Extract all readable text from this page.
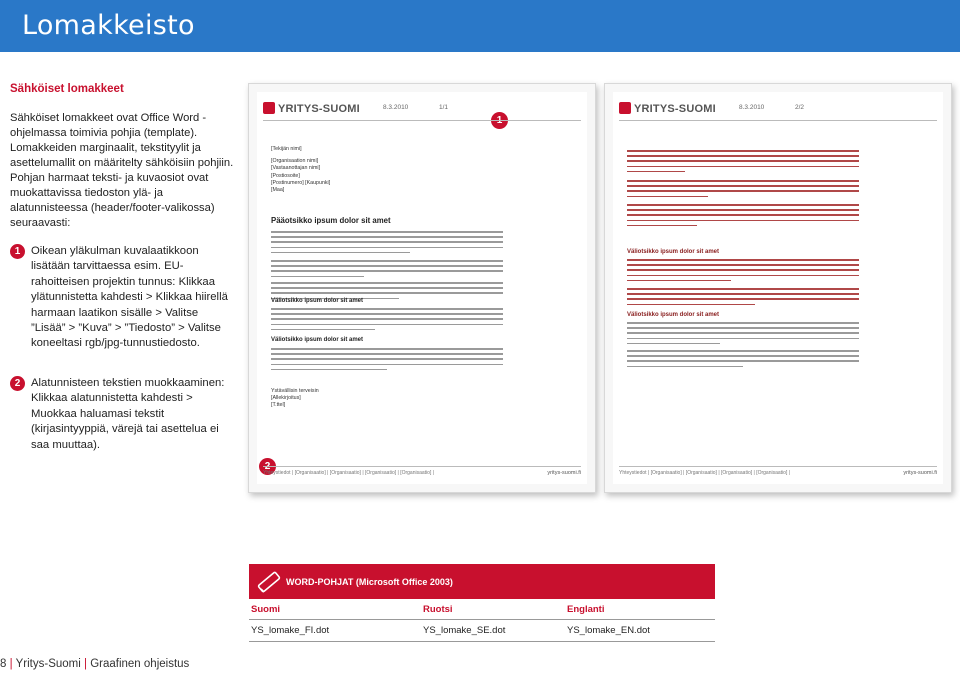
Lomakkeisto
Sähköiset lomakkeet

Sähköiset lomakkeet ovat Office Word -ohjelmassa toimivia pohjia (template). Lomakkeiden marginaalit, tekstityylit ja asettelumallit on määritelty sähköisiin pohjiin.

Pohjan harmaat teksti- ja kuvaosiot ovat muokattavissa tiedoston ylä- ja alatunnisteessa (header/footer-valikossa) seuraavasti:

1 Oikean yläkulman kuvalaatikkoon lisätään tarvittaessa esim. EU-rahoitteisen projektin tunnus: Klikkaa ylätunnistetta kahdesti > Klikkaa hiirellä harmaan laatikon sisälle > Valitse ”Lisää” > ”Kuva” > ”Tiedosto” > Valitse koneeltasi rgb/jpg-tunnustiedosto.
2 Alatunnisteen tekstien muokkaaminen: Klikkaa alatunnistetta kahdesti > Muokkaa haluamasi tekstit (kirjasintyyppiä, värejä tai asettelua ei saa muuttaa).
YRITYS-SUOMI	8.3.2010	1/1
1
[Tekijän nimi]
[Organisaation nimi]
[Vastaanottajan nimi]
[Postiosoite]
[Postinumero] [Kaupunki]
[Maa]
Pääotsikko ipsum dolor sit amet
Väliotsikko ipsum dolor sit amet
Väliotsikko ipsum dolor sit amet
Ystävällisin terveisin
[Allekirjoitus]
[T.ttel]
2
Yhteystiedot | [Organisaatio] | [Organisaatio] | [Organisaatio] | [Organisaatio] |	yritys-suomi.fi
YRITYS-SUOMI	8.3.2010	2/2
Väliotsikko ipsum dolor sit amet
Väliotsikko ipsum dolor sit amet
Yhteystiedot | [Organisaatio] | [Organisaatio] | [Organisaatio] | [Organisaatio] |	yritys-suomi.fi
WORD-POHJAT (Microsoft Office 2003)
Suomi	Ruotsi	Englanti
YS_lomake_FI.dot	YS_lomake_SE.dot	YS_lomake_EN.dot
8 | Yritys-Suomi | Graafinen ohjeistus
